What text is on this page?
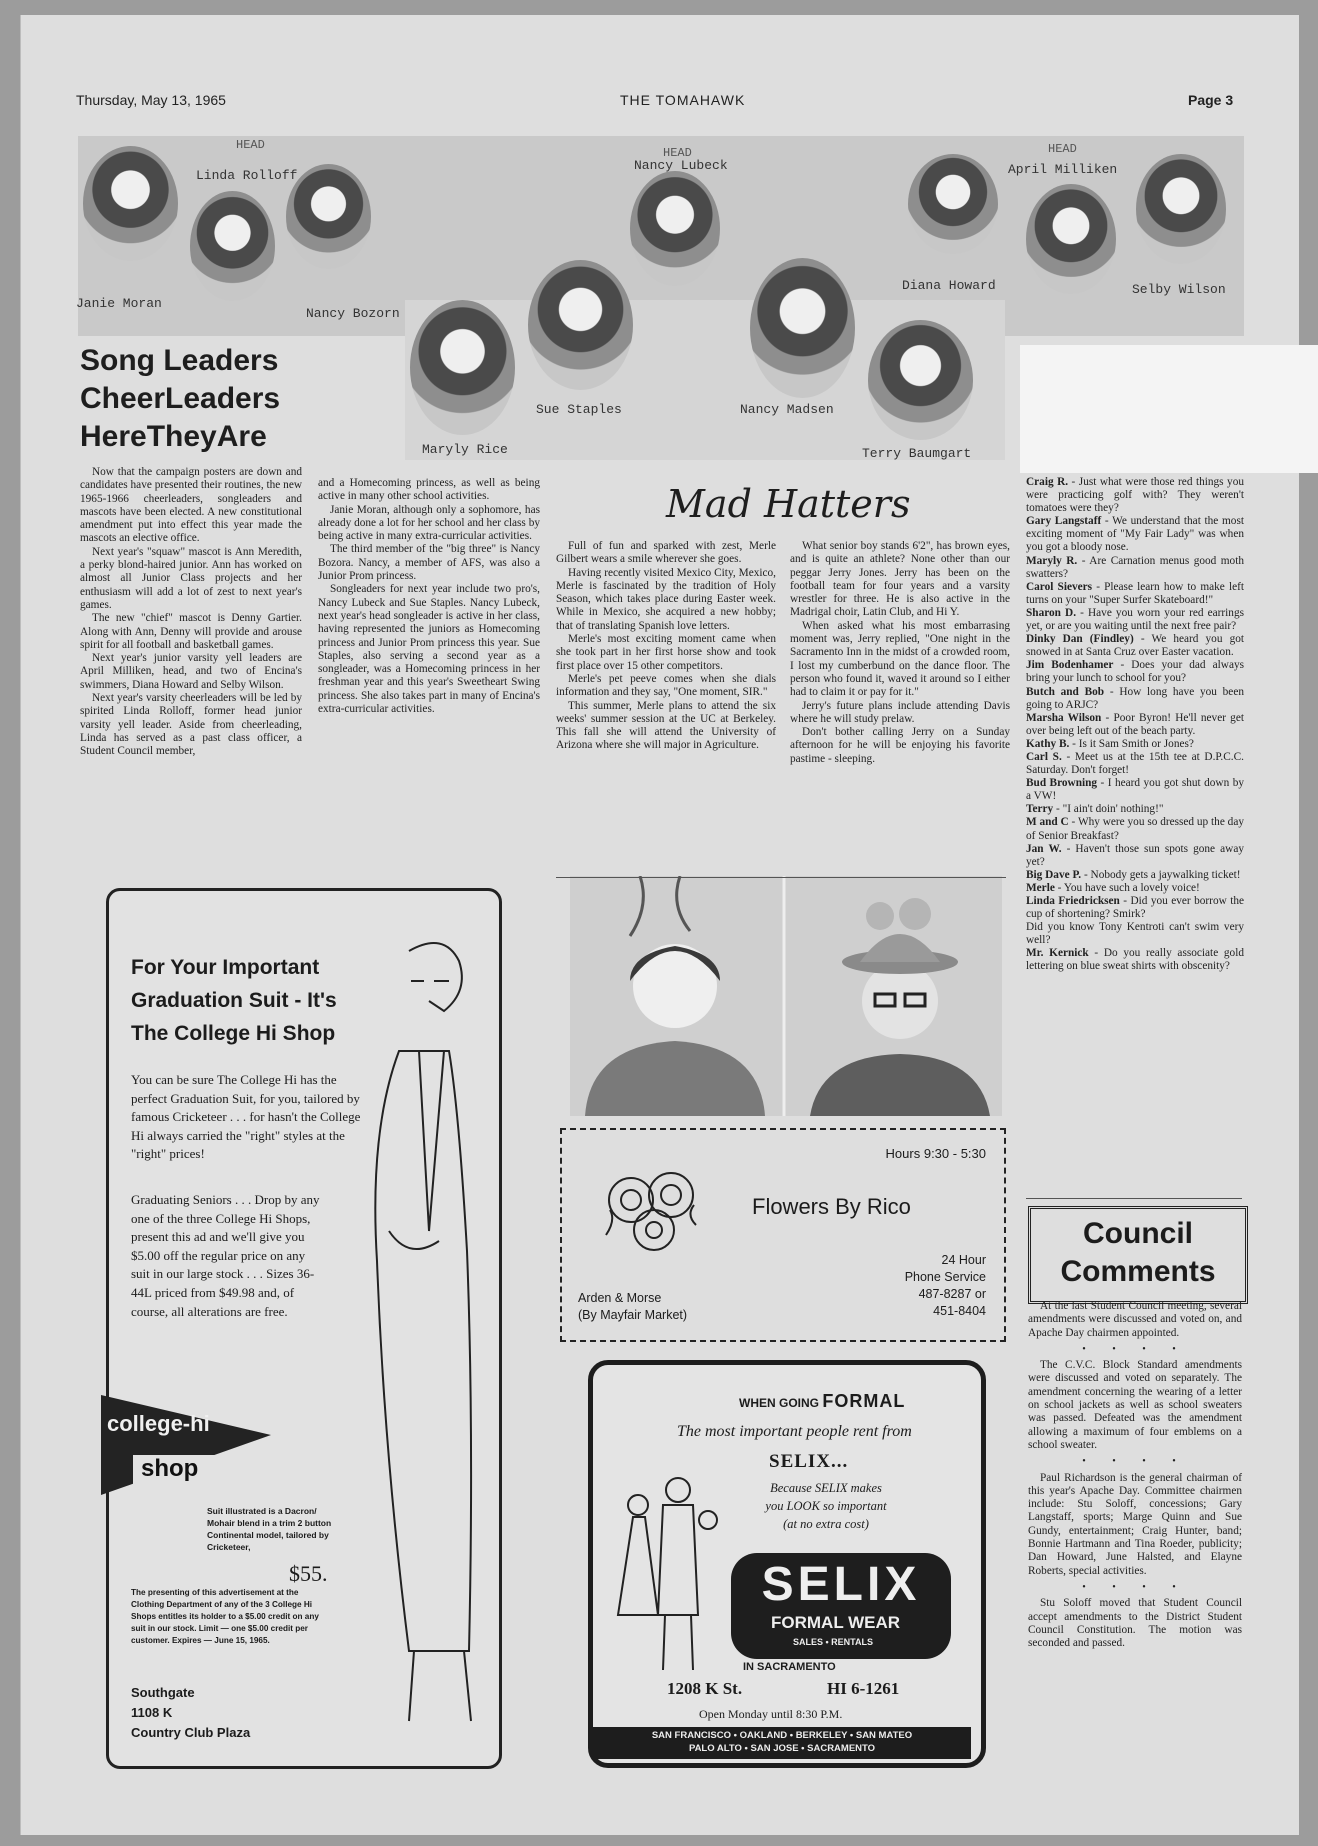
Thursday, May 13, 1965	THE TOMAHAWK	Page 3
HEAD
Linda Rolloff
Janie Moran
Nancy Bozorn
HEAD
Nancy Lubeck
HEAD
April Milliken
Diana Howard	Selby Wilson
Maryly Rice
Sue Staples	Nancy Madsen
Terry Baumgart
Song Leaders
CheerLeaders
HereTheyAre

Now that the campaign posters are down and candidates have presented their routines, the new 1965-1966 cheerleaders, songleaders and mascots have been elected. A new constitutional amendment put into effect this year made the mascots an elective office.

Next year's "squaw" mascot is Ann Meredith, a perky blond-haired junior. Ann has worked on almost all Junior Class projects and her enthusiasm will add a lot of zest to next year's games.

The new "chief" mascot is Denny Gartier. Along with Ann, Denny will provide and arouse spirit for all football and basketball games.

Next year's junior varsity yell leaders are April Milliken, head, and two of Encina's swimmers, Diana Howard and Selby Wilson.

Next year's varsity cheerleaders will be led by spirited Linda Rolloff, former head junior varsity yell leader. Aside from cheerleading, Linda has served as a past class officer, a Student Council member,

and a Homecoming princess, as well as being active in many other school activities.

Janie Moran, although only a sophomore, has already done a lot for her school and her class by being active in many extra-curricular activities.

The third member of the "big three" is Nancy Bozora. Nancy, a member of AFS, was also a Junior Prom princess.

Songleaders for next year include two pro's, Nancy Lubeck and Sue Staples. Nancy Lubeck, next year's head songleader is active in her class, having represented the juniors as Homecoming princess and Junior Prom princess this year. Sue Staples, also serving a second year as a songleader, was a Homecoming princess in her freshman year and this year's Sweetheart Swing princess. She also takes part in many of Encina's extra-curricular activities.

Mad Hatters

Full of fun and sparked with zest, Merle Gilbert wears a smile wherever she goes.

Having recently visited Mexico City, Mexico, Merle is fascinated by the tradition of Holy Season, which takes place during Easter week. While in Mexico, she acquired a new hobby; that of translating Spanish love letters.

Merle's most exciting moment came when she took part in her first horse show and took first place over 15 other competitors.

Merle's pet peeve comes when she dials information and they say, "One moment, SIR."

This summer, Merle plans to attend the six weeks' summer session at the UC at Berkeley. This fall she will attend the University of Arizona where she will major in Agriculture.

What senior boy stands 6'2", has brown eyes, and is quite an athlete? None other than our peggar Jerry Jones. Jerry has been on the football team for four years and a varsity wrestler for three. He is also active in the Madrigal choir, Latin Club, and Hi Y.

When asked what his most embarrasing moment was, Jerry replied, "One night in the Sacramento Inn in the midst of a crowded room, I lost my cumberbund on the dance floor. The person who found it, waved it around so I either had to claim it or pay for it."

Jerry's future plans include attending Davis where he will study prelaw.

Don't bother calling Jerry on a Sunday afternoon for he will be enjoying his favorite pastime - sleeping.

Hours 9:30 - 5:30
Flowers By Rico
24 Hour
Phone Service
487-8287 or
451-8404
Arden & Morse
(By Mayfair Market)

Craig R. - Just what were those red things you were practicing golf with? They weren't tomatoes were they?

Gary Langstaff - We understand that the most exciting moment of "My Fair Lady" was when you got a bloody nose.

Maryly R. - Are Carnation menus good moth swatters?

Carol Sievers - Please learn how to make left turns on your "Super Surfer Skateboard!"

Sharon D. - Have you worn your red earrings yet, or are you waiting until the next free pair?

Dinky Dan (Findley) - We heard you got snowed in at Santa Cruz over Easter vacation.

Jim Bodenhamer - Does your dad always bring your lunch to school for you?

Butch and Bob - How long have you been going to ARJC?

Marsha Wilson - Poor Byron! He'll never get over being left out of the beach party.

Kathy B. - Is it Sam Smith or Jones?

Carl S. - Meet us at the 15th tee at D.P.C.C. Saturday. Don't forget!

Bud Browning - I heard you got shut down by a VW!

Terry - "I ain't doin' nothing!"

M and C - Why were you so dressed up the day of Senior Breakfast?

Jan W. - Haven't those sun spots gone away yet?

Big Dave P. - Nobody gets a jaywalking ticket!

Merle - You have such a lovely voice!

Linda Friedricksen - Did you ever borrow the cup of shortening? Smirk?

Did you know Tony Kentroti can't swim very well?

Mr. Kernick - Do you really associate gold lettering on blue sweat shirts with obscenity?

Council
Comments

At the last Student Council meeting, several amendments were discussed and voted on, and Apache Day chairmen appointed.

• • • •

The C.V.C. Block Standard amendments were discussed and voted on separately. The amendment concerning the wearing of a letter on school jackets as well as school sweaters was passed. Defeated was the amendment allowing a maximum of four emblems on a school sweater.

• • • •

Paul Richardson is the general chairman of this year's Apache Day. Committee chairmen include: Stu Soloff, concessions; Gary Langstaff, sports; Marge Quinn and Sue Gundy, entertainment; Craig Hunter, band; Bonnie Hartmann and Tina Roeder, publicity; Dan Howard, June Halsted, and Elayne Roberts, special activities.

• • • •

Stu Soloff moved that Student Council accept amendments to the District Student Council Constitution. The motion was seconded and passed.

For Your Important
Graduation Suit - It's
The College Hi Shop
You can be sure The College Hi has the perfect Graduation Suit, for you, tailored by famous Cricketeer . . . for hasn't the College Hi always carried the "right" styles at the "right" prices!
Graduating Seniors . . . Drop by any one of the three College Hi Shops, present this ad and we'll give you $5.00 off the regular price on any suit in our large stock . . . Sizes 36-44L priced from $49.98 and, of course, all alterations are free.
college-hi
shop
Suit illustrated is a Dacron/ Mohair blend in a trim 2 button Continental model, tailored by Cricketeer,
$55.
The presenting of this advertisement at the Clothing Department of any of the 3 College Hi Shops entitles its holder to a $5.00 credit on any suit in our stock. Limit — one $5.00 credit per customer. Expires — June 15, 1965.
Southgate
1108 K
Country Club Plaza
WHEN GOING FORMAL
The most important people rent from
SELIX...
Because SELIX makes
you LOOK so important
(at no extra cost)
SELIX
FORMAL WEAR
SALES • RENTALS
IN SACRAMENTO
1208 K St.	HI 6-1261
Open Monday until 8:30 P.M.
SAN FRANCISCO • OAKLAND • BERKELEY • SAN MATEO
PALO ALTO • SAN JOSE • SACRAMENTO
